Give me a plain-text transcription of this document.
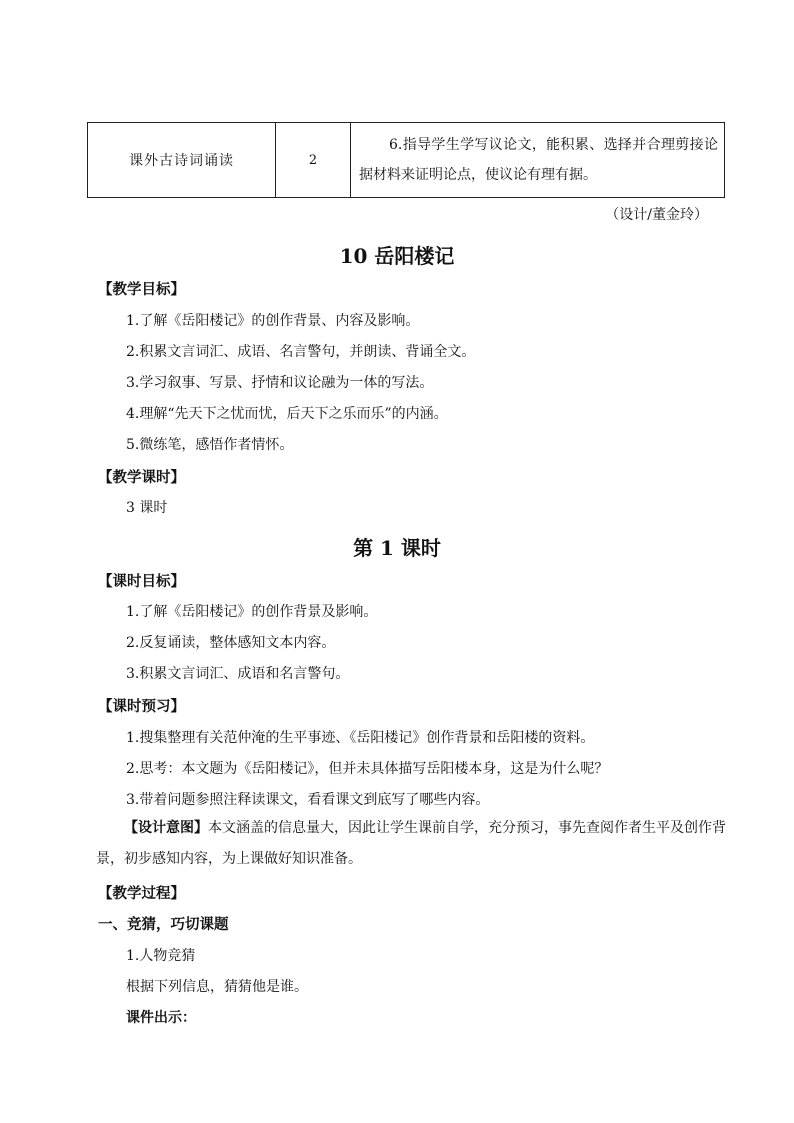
课外古诗词诵读	2	6.指导学生学写议论文，能积累、选择并合理剪接论据材料来证明论点，使议论有理有据。
（设计/董金玲）
10 岳阳楼记
【教学目标】
1.了解《岳阳楼记》的创作背景、内容及影响。
2.积累文言词汇、成语、名言警句，并朗读、背诵全文。
3.学习叙事、写景、抒情和议论融为一体的写法。
4.理解“先天下之忧而忧，后天下之乐而乐”的内涵。
5.微练笔，感悟作者情怀。
【教学课时】
3 课时
第 1 课时
【课时目标】
1.了解《岳阳楼记》的创作背景及影响。
2.反复诵读，整体感知文本内容。
3.积累文言词汇、成语和名言警句。
【课时预习】
1.搜集整理有关范仲淹的生平事迹、《岳阳楼记》创作背景和岳阳楼的资料。
2.思考：本文题为《岳阳楼记》，但并未具体描写岳阳楼本身，这是为什么呢？
3.带着问题参照注释读课文，看看课文到底写了哪些内容。
【设计意图】本文涵盖的信息量大，因此让学生课前自学，充分预习，事先查阅作者生平及创作背景，初步感知内容，为上课做好知识准备。
【教学过程】
一、竞猜，巧切课题
1.人物竞猜
根据下列信息，猜猜他是谁。
课件出示：
